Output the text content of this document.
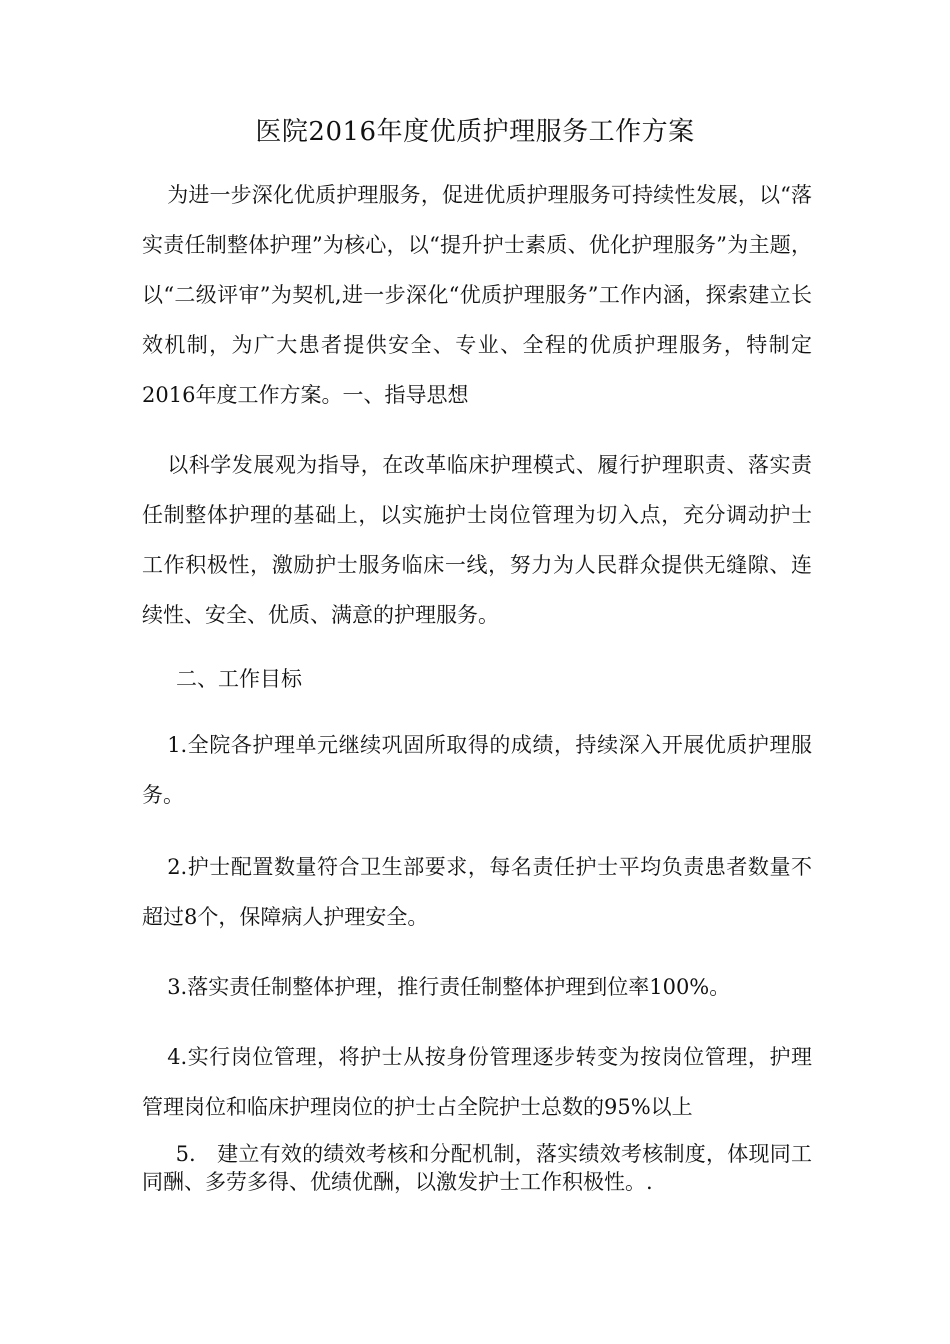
医院2016年度优质护理服务工作方案

为进一步深化优质护理服务，促进优质护理服务可持续性发展，以“落实责任制整体护理”为核心，以“提升护士素质、优化护理服务”为主题，以“二级评审”为契机,进一步深化“优质护理服务”工作内涵，探索建立长效机制，为广大患者提供安全、专业、全程的优质护理服务，特制定2016年度工作方案。一、指导思想

以科学发展观为指导，在改革临床护理模式、履行护理职责、落实责任制整体护理的基础上，以实施护士岗位管理为切入点，充分调动护士工作积极性，激励护士服务临床一线，努力为人民群众提供无缝隙、连续性、安全、优质、满意的护理服务。

二、工作目标

1.全院各护理单元继续巩固所取得的成绩，持续深入开展优质护理服务。

2.护士配置数量符合卫生部要求，每名责任护士平均负责患者数量不超过8个，保障病人护理安全。

3.落实责任制整体护理，推行责任制整体护理到位率100%。

4.实行岗位管理，将护士从按身份管理逐步转变为按岗位管理，护理管理岗位和临床护理岗位的护士占全院护士总数的95%以上

5.　建立有效的绩效考核和分配机制，落实绩效考核制度，体现同工同酬、多劳多得、优绩优酬，以激发护士工作积极性。.
